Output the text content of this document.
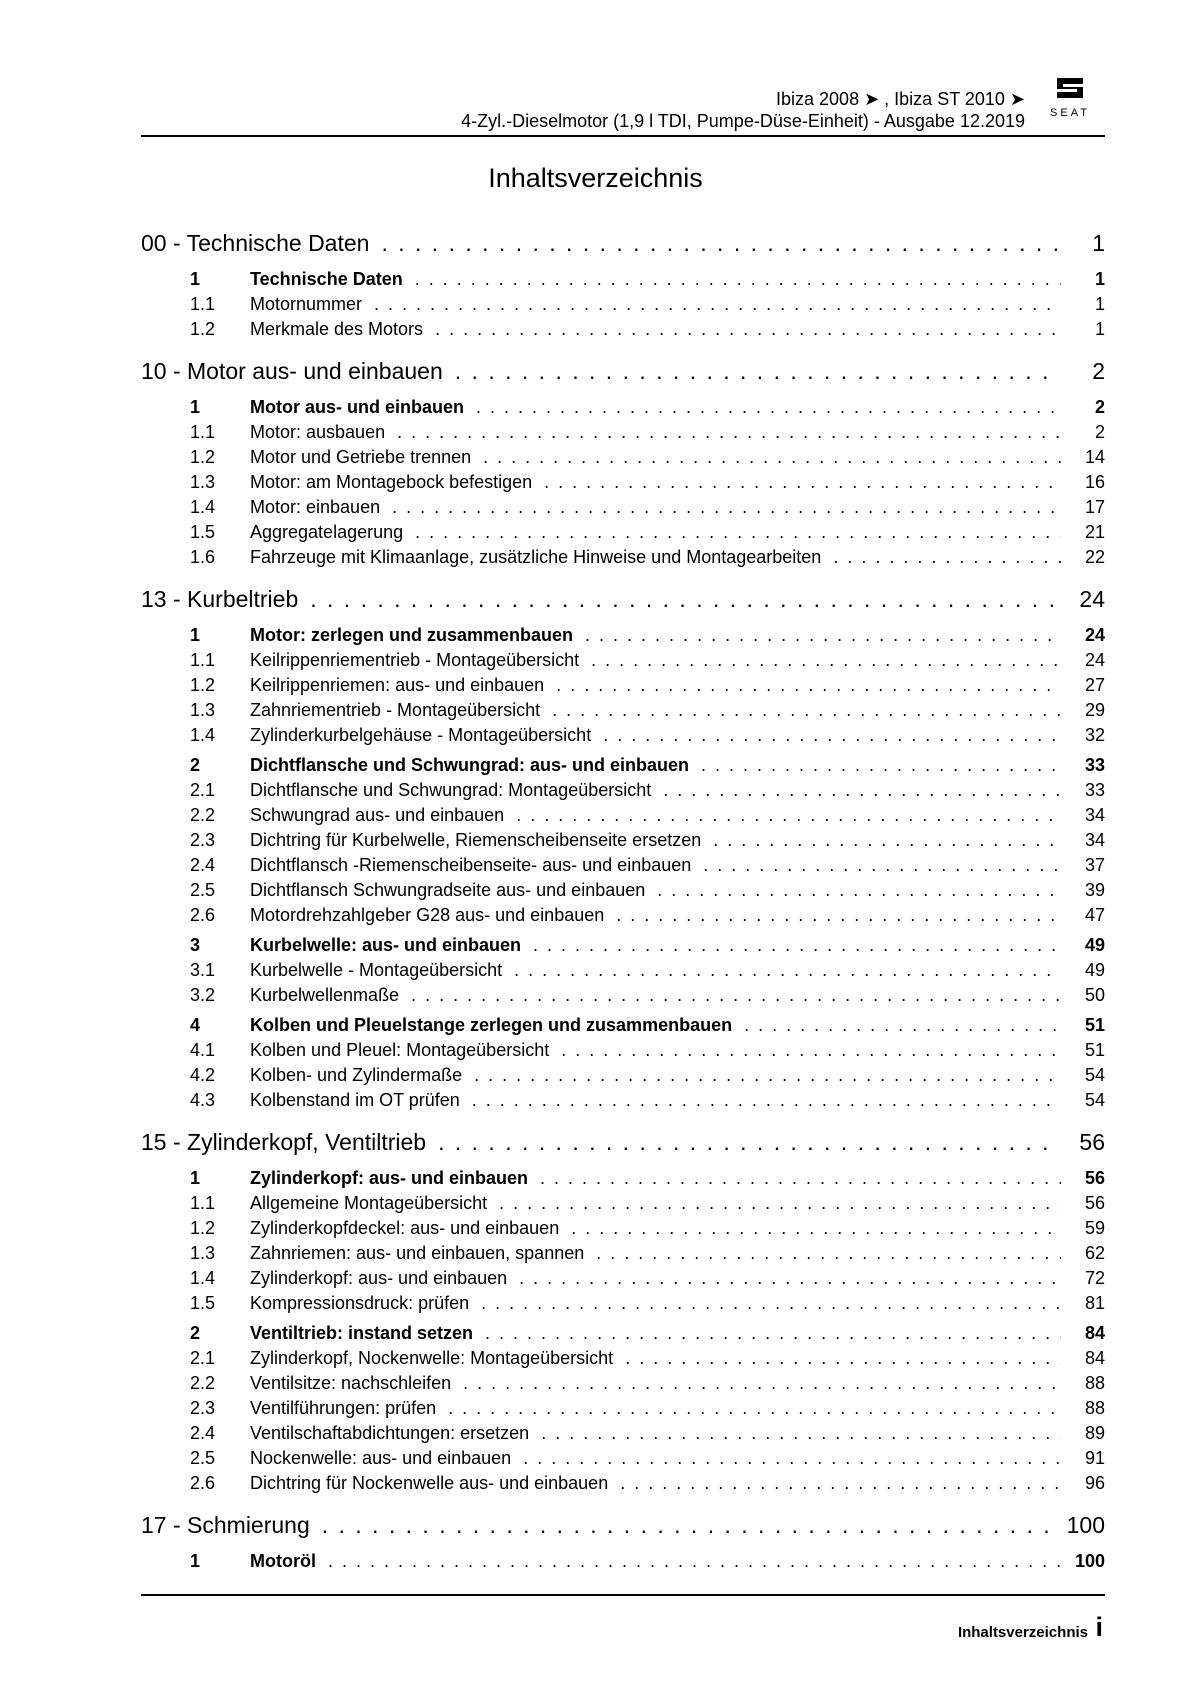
Ibiza 2008 ➤ , Ibiza ST 2010 ➤
4-Zyl.-Dieselmotor (1,9 l TDI, Pumpe-Düse-Einheit) - Ausgabe 12.2019 SEAT
Inhaltsverzeichnis
00 - Technische Daten . . .	1
1	Technische Daten . . .	1
1.1	Motornummer . . .	1
1.2	Merkmale des Motors . . .	1
10 - Motor aus- und einbauen . . .	2
1	Motor aus- und einbauen . . .	2
1.1	Motor: ausbauen . . .	2
1.2	Motor und Getriebe trennen . . .	14
1.3	Motor: am Montagebock befestigen . . .	16
1.4	Motor: einbauen . . .	17
1.5	Aggregatelagerung . . .	21
1.6	Fahrzeuge mit Klimaanlage, zusätzliche Hinweise und Montagearbeiten . . .	22
13 - Kurbeltrieb . . .	24
1	Motor: zerlegen und zusammenbauen . . .	24
1.1	Keilrippenriementrieb - Montageübersicht . . .	24
1.2	Keilrippenriemen: aus- und einbauen . . .	27
1.3	Zahnriementrieb - Montageübersicht . . .	29
1.4	Zylinderkurbelgehäuse - Montageübersicht . . .	32
2	Dichtflansche und Schwungrad: aus- und einbauen . . .	33
2.1	Dichtflansche und Schwungrad: Montageübersicht . . .	33
2.2	Schwungrad aus- und einbauen . . .	34
2.3	Dichtring für Kurbelwelle, Riemenscheibenseite ersetzen . . .	34
2.4	Dichtflansch -Riemenscheibenseite- aus- und einbauen . . .	37
2.5	Dichtflansch Schwungradseite aus- und einbauen . . .	39
2.6	Motordrehzahlgeber G28 aus- und einbauen . . .	47
3	Kurbelwelle: aus- und einbauen . . .	49
3.1	Kurbelwelle - Montageübersicht . . .	49
3.2	Kurbelwellenmaße . . .	50
4	Kolben und Pleuelstange zerlegen und zusammenbauen . . .	51
4.1	Kolben und Pleuel: Montageübersicht . . .	51
4.2	Kolben- und Zylindermaße . . .	54
4.3	Kolbenstand im OT prüfen . . .	54
15 - Zylinderkopf, Ventiltrieb . . .	56
1	Zylinderkopf: aus- und einbauen . . .	56
1.1	Allgemeine Montageübersicht . . .	56
1.2	Zylinderkopfdeckel: aus- und einbauen . . .	59
1.3	Zahnriemen: aus- und einbauen, spannen . . .	62
1.4	Zylinderkopf: aus- und einbauen . . .	72
1.5	Kompressionsdruck: prüfen . . .	81
2	Ventiltrieb: instand setzen . . .	84
2.1	Zylinderkopf, Nockenwelle: Montageübersicht . . .	84
2.2	Ventilsitze: nachschleifen . . .	88
2.3	Ventilführungen: prüfen . . .	88
2.4	Ventilschaftabdichtungen: ersetzen . . .	89
2.5	Nockenwelle: aus- und einbauen . . .	91
2.6	Dichtring für Nockenwelle aus- und einbauen . . .	96
17 - Schmierung . . .	100
1	Motoröl . . .	100
Inhaltsverzeichnis i
